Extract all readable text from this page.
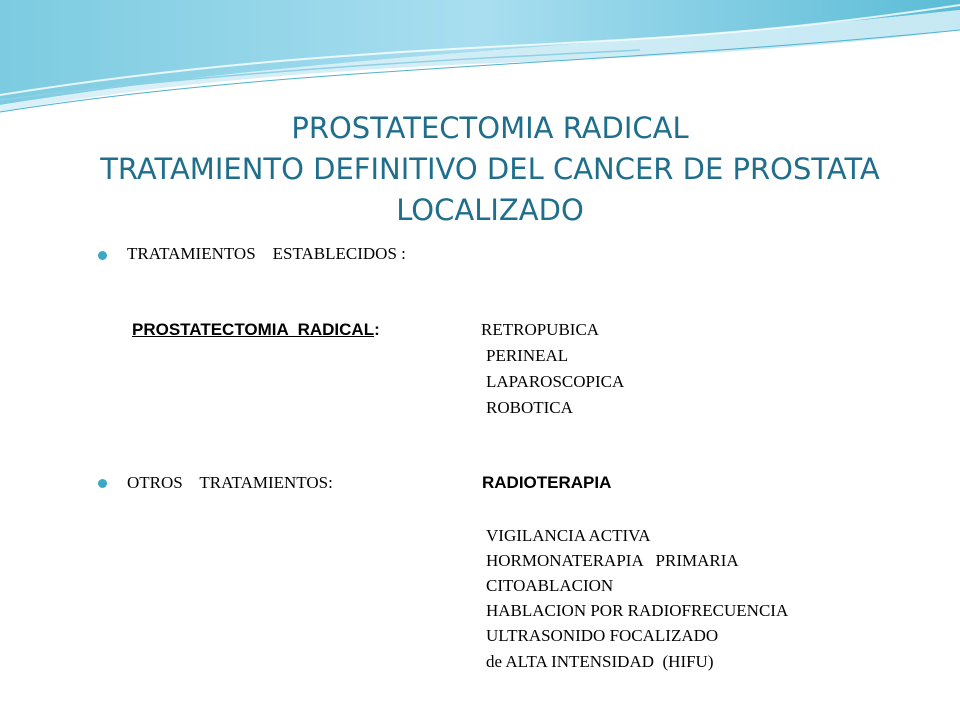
PROSTATECTOMIA RADICAL
TRATAMIENTO DEFINITIVO DEL CANCER DE PROSTATA
LOCALIZADO
TRATAMIENTOS    ESTABLECIDOS :
PROSTATECTOMIA  RADICAL:	RETROPUBICA
PERINEAL
LAPAROSCOPICA
ROBOTICA
OTROS    TRATAMIENTOS:	RADIOTERAPIA
VIGILANCIA ACTIVA
HORMONATERAPIA   PRIMARIA
CITOABLACION
HABLACION POR RADIOFRECUENCIA
ULTRASONIDO FOCALIZADO
de ALTA INTENSIDAD  (HIFU)
